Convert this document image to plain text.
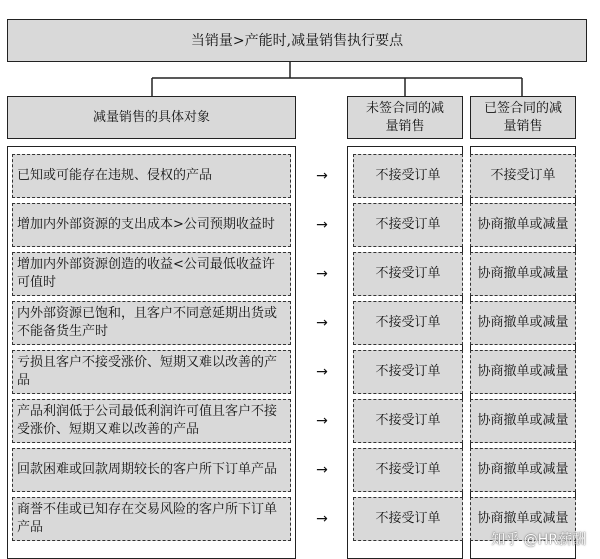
当销量>产能时,减量销售执行要点
减量销售的具体对象
未签合同的减量销售
已签合同的减量销售
已知或可能存在违规、侵权的产品	→	不接受订单	不接受订单
增加内外部资源的支出成本>公司预期收益时	→	不接受订单	协商撤单或减量
增加内外部资源创造的收益<公司最低收益许可值时
→	不接受订单	协商撤单或减量
内外部资源已饱和，且客户不同意延期出货或不能备货生产时
→	不接受订单	协商撤单或减量
亏损且客户不接受涨价、短期又难以改善的产品
→	不接受订单	协商撤单或减量
产品利润低于公司最低利润许可值且客户不接受涨价、短期又难以改善的产品
→	不接受订单	协商撤单或减量
回款困难或回款周期较长的客户所下订单产品	→	不接受订单	协商撤单或减量
商誉不佳或已知存在交易风险的客户所下订单产品
→	不接受订单	协商撤单或减量
知乎 @HR薪酬
